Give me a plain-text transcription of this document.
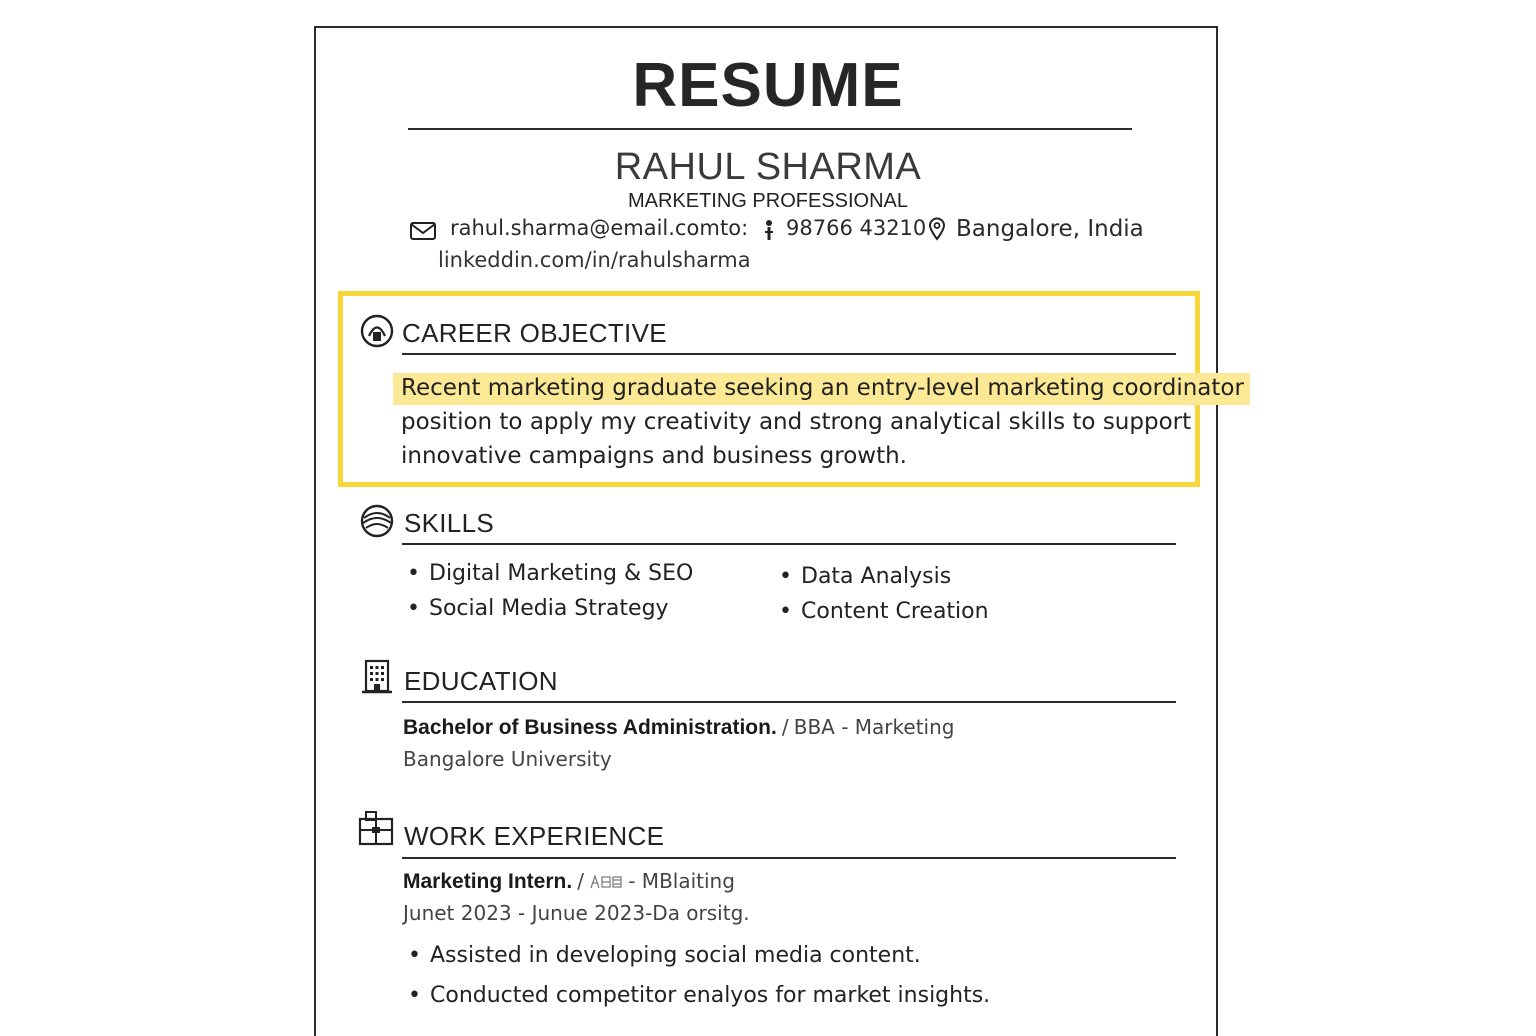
RESUME
RAHUL SHARMA
MARKETING PROFESSIONAL
rahul.sharma@email.com to: 98766 43210 Bangalore, India
linkeddin.com/in/rahulsharma
CAREER OBJECTIVE
Recent marketing graduate seeking an entry-level marketing coordinator
position to apply my creativity and strong analytical skills to support
innovative campaigns and business growth.
SKILLS
• Digital Marketing & SEO
• Social Media Strategy
• Data Analysis
• Content Creation
EDUCATION
Bachelor of Business Administration. / BBA - Marketing
Bangalore University
WORK EXPERIENCE
Marketing Intern. / - MBlaiting
Junet 2023 - Junue 2023-Da orsitg.
• Assisted in developing social media content.
• Conducted competitor enalyos for market insights.
